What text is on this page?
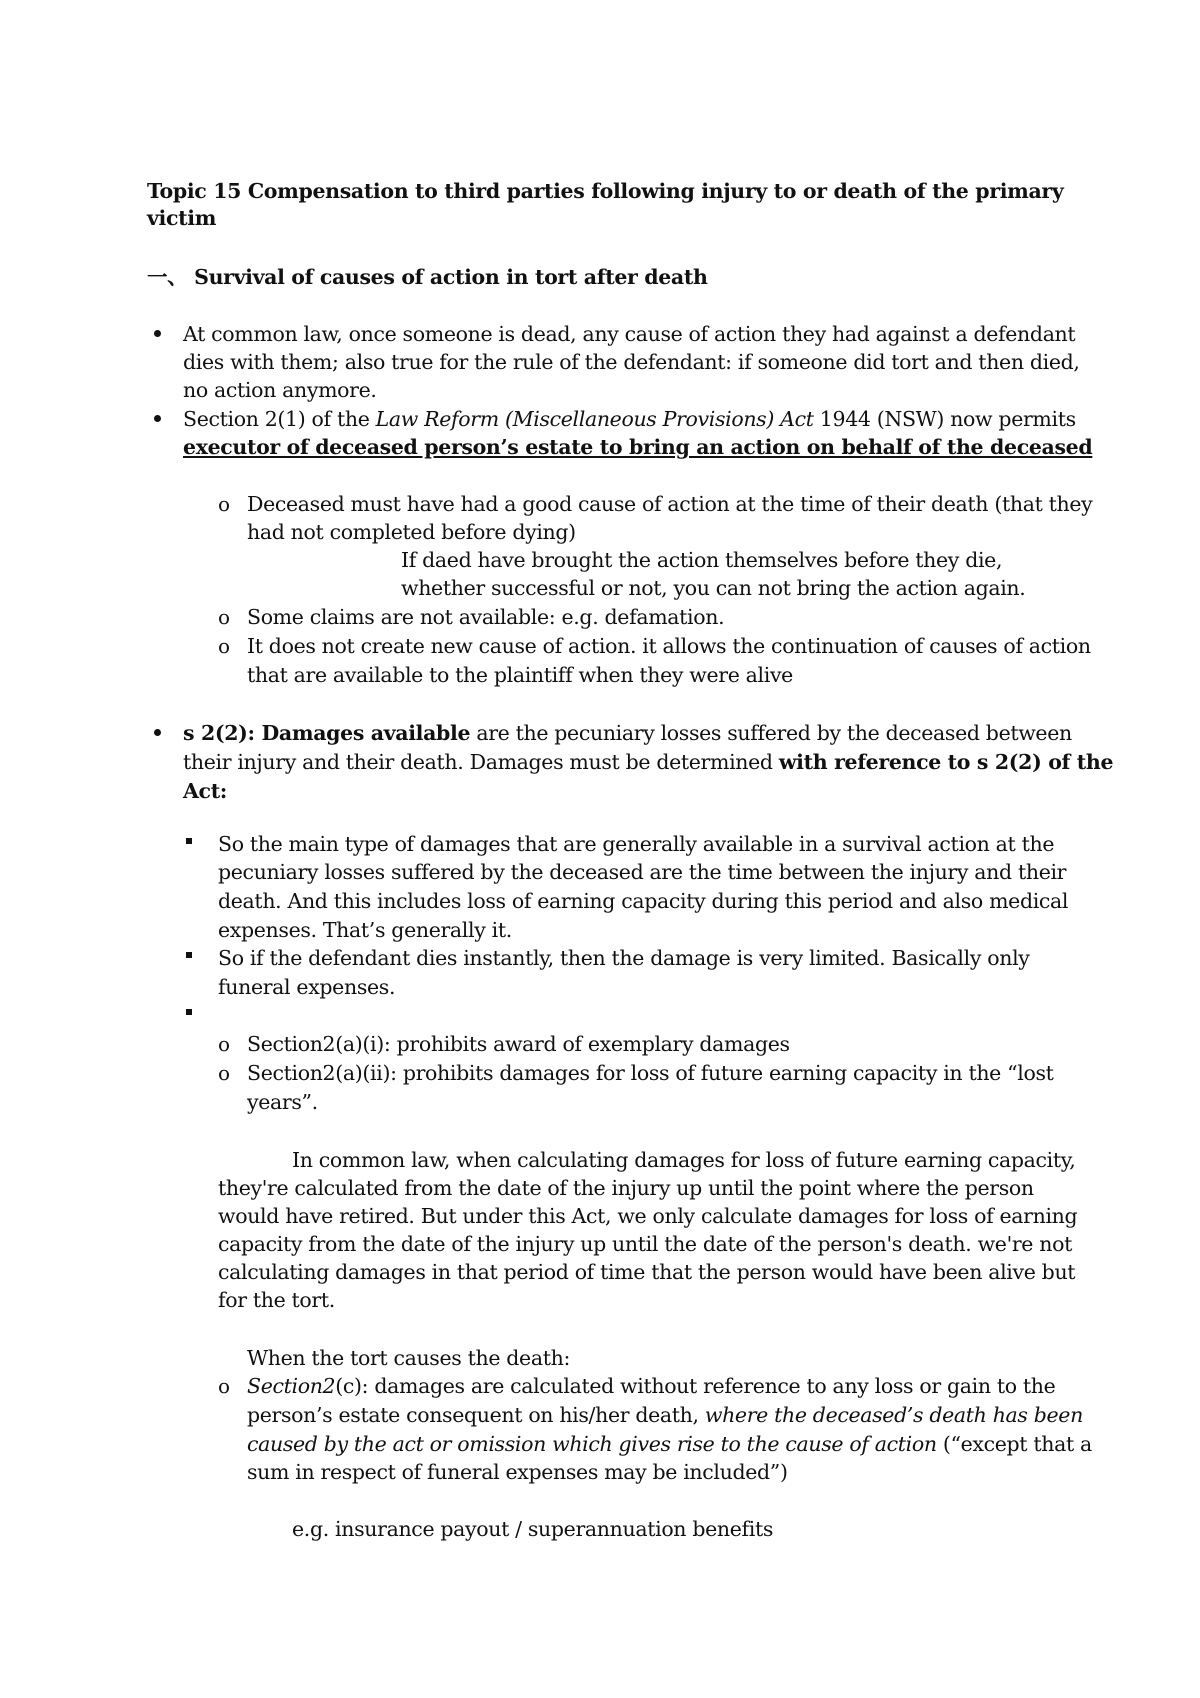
Topic 15 Compensation to third parties following injury to or death of the primary
victim
一、 Survival of causes of action in tort after death
At common law, once someone is dead, any cause of action they had against a defendant
dies with them; also true for the rule of the defendant: if someone did tort and then died,
no action anymore.
Section 2(1) of the Law Reform (Miscellaneous Provisions) Act 1944 (NSW) now permits
executor of deceased person’s estate to bring an action on behalf of the deceased
o Deceased must have had a good cause of action at the time of their death (that they
had not completed before dying)
If daed have brought the action themselves before they die,
whether successful or not, you can not bring the action again.
o Some claims are not available: e.g. defamation.
o It does not create new cause of action. it allows the continuation of causes of action
that are available to the plaintiff when they were alive
s 2(2): Damages available are the pecuniary losses suffered by the deceased between
their injury and their death. Damages must be determined with reference to s 2(2) of the
Act:
So the main type of damages that are generally available in a survival action at the
pecuniary losses suffered by the deceased are the time between the injury and their
death. And this includes loss of earning capacity during this period and also medical
expenses. That’s generally it.
So if the defendant dies instantly, then the damage is very limited. Basically only
funeral expenses.
o Section2(a)(i): prohibits award of exemplary damages
o Section2(a)(ii): prohibits damages for loss of future earning capacity in the “lost
years”.
In common law, when calculating damages for loss of future earning capacity,
they're calculated from the date of the injury up until the point where the person
would have retired. But under this Act, we only calculate damages for loss of earning
capacity from the date of the injury up until the date of the person's death. we're not
calculating damages in that period of time that the person would have been alive but
for the tort.
When the tort causes the death:
o Section2(c): damages are calculated without reference to any loss or gain to the
person’s estate consequent on his/her death, where the deceased’s death has been
caused by the act or omission which gives rise to the cause of action (“except that a
sum in respect of funeral expenses may be included”)
e.g. insurance payout / superannuation benefits
